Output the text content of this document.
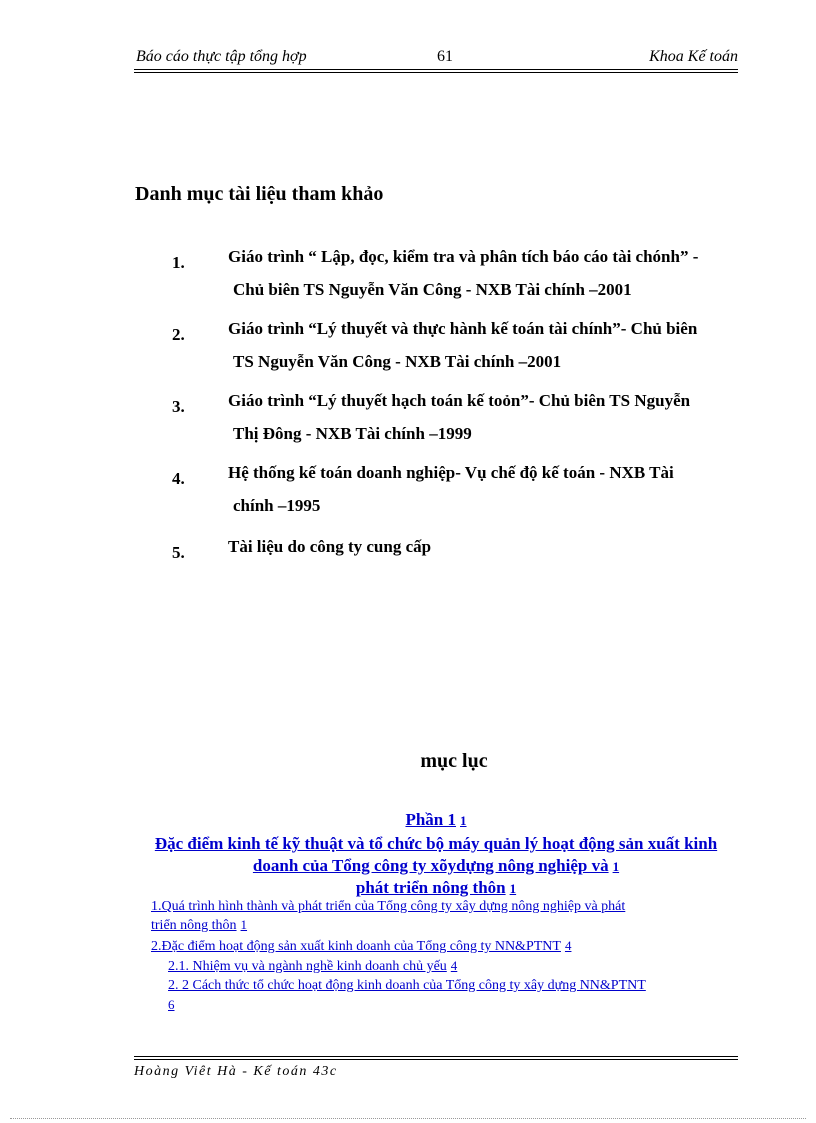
Báo cáo thực tập tổng hợp	61	Khoa Kế toán
Danh mục tài liệu tham khảo
1.	Giáo trình “ Lập, đọc, kiểm tra và phân tích báo cáo tài chónh” -
Chủ biên TS Nguyễn Văn Công - NXB Tài chính –2001
2.	Giáo trình “Lý thuyết và thực hành kế toán tài chính”- Chủ biên
TS Nguyễn Văn Công - NXB Tài chính –2001
3.	Giáo trình “Lý thuyết hạch toán kế toỏn”- Chủ biên TS Nguyễn
Thị Đông - NXB Tài chính –1999
4.	Hệ thống kế toán doanh nghiệp- Vụ chế độ kế toán - NXB Tài
chính –1995
5.	Tài liệu do công ty cung cấp
mục lục
Phần 1 1
Đặc điểm kinh tế kỹ thuật và tổ chức bộ máy quản lý hoạt động sản xuất kinh
doanh của Tổng công ty xõydựng nông nghiệp và 1
phát triển nông thôn 1
1.Quá trình hình thành và phát triển của Tổng công ty xây dựng nông nghiệp và phát
triển nông thôn 1
2.Đặc điểm hoạt động sản xuất kinh doanh của Tổng công ty NN&PTNT 4
2.1. Nhiệm vụ và ngành nghề kinh doanh chủ yếu 4
2. 2 Cách thức tổ chức hoạt động kinh doanh của Tổng công ty xây dựng NN&PTNT
6
Hoàng Viêt Hà - Kế toán 43c
